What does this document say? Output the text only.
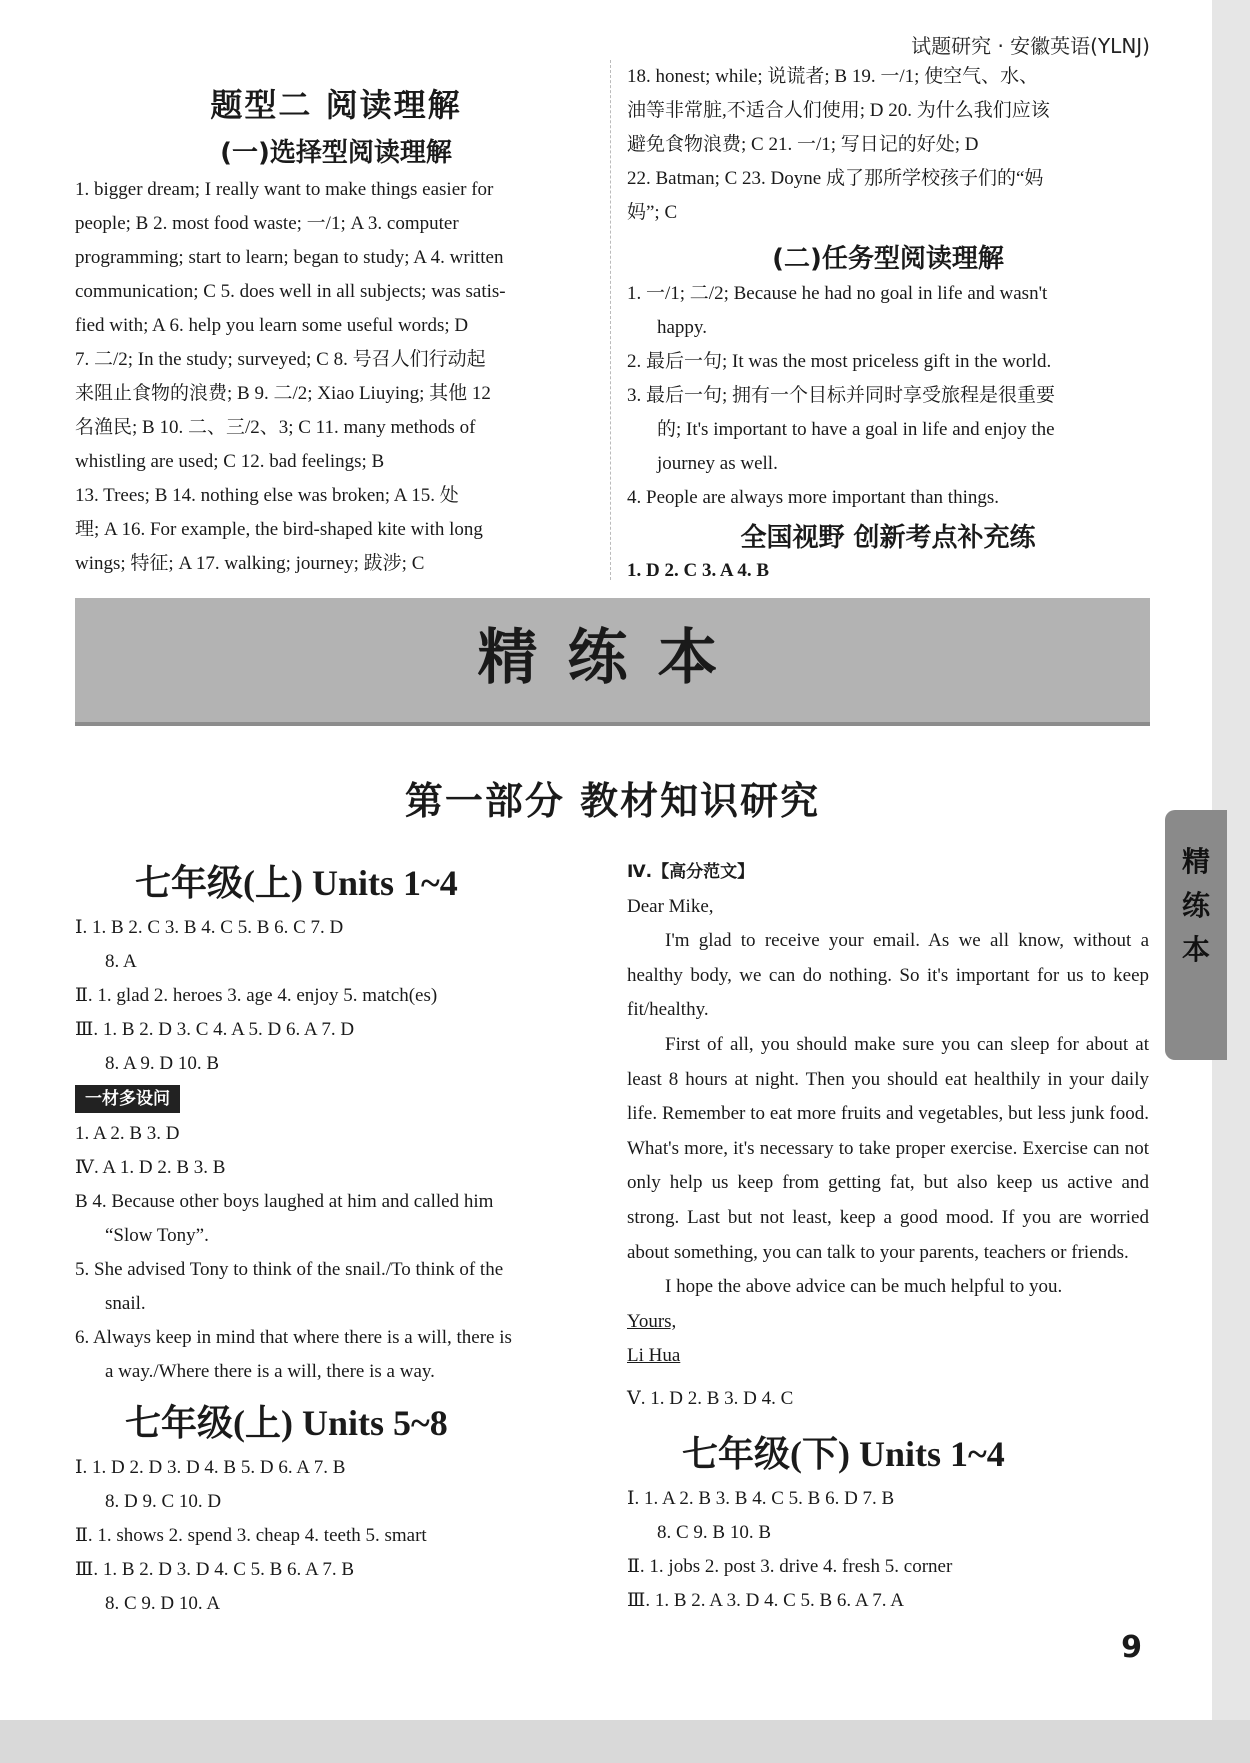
试题研究 · 安徽英语(YLNJ)
题型二 阅读理解
(一)选择型阅读理解
1. bigger dream; I really want to make things easier for
people; B 2. most food waste; 一/1; A 3. computer
programming; start to learn; began to study; A 4. written
communication; C 5. does well in all subjects; was satis-
fied with; A 6. help you learn some useful words; D
7. 二/2; In the study; surveyed; C 8. 号召人们行动起
来阻止食物的浪费; B 9. 二/2; Xiao Liuying; 其他 12
名渔民; B 10. 二、三/2、3; C 11. many methods of
whistling are used; C 12. bad feelings; B
13. Trees; B 14. nothing else was broken; A 15. 处
理; A 16. For example, the bird-shaped kite with long
wings; 特征; A 17. walking; journey; 跋涉; C
18. honest; while; 说谎者; B 19. 一/1; 使空气、水、
油等非常脏,不适合人们使用; D 20. 为什么我们应该
避免食物浪费; C 21. 一/1; 写日记的好处; D
22. Batman; C 23. Doyne 成了那所学校孩子们的“妈
妈”; C
(二)任务型阅读理解
1. 一/1; 二/2; Because he had no goal in life and wasn't
happy.
2. 最后一句; It was the most priceless gift in the world.
3. 最后一句; 拥有一个目标并同时享受旅程是很重要
的; It's important to have a goal in life and enjoy the
journey as well.
4. People are always more important than things.
全国视野 创新考点补充练
1. D 2. C 3. A 4. B
精练本
第一部分 教材知识研究
精
练
本
七年级(上) Units 1~4
Ⅰ. 1. B 2. C 3. B 4. C 5. B 6. C 7. D
8. A
Ⅱ. 1. glad 2. heroes 3. age 4. enjoy 5. match(es)
Ⅲ. 1. B 2. D 3. C 4. A 5. D 6. A 7. D
8. A 9. D 10. B
一材多设问
1. A 2. B 3. D
Ⅳ. A 1. D 2. B 3. B
B 4. Because other boys laughed at him and called him
“Slow Tony”.
5. She advised Tony to think of the snail./To think of the
snail.
6. Always keep in mind that where there is a will, there is
a way./Where there is a will, there is a way.
七年级(上) Units 5~8
Ⅰ. 1. D 2. D 3. D 4. B 5. D 6. A 7. B
8. D 9. C 10. D
Ⅱ. 1. shows 2. spend 3. cheap 4. teeth 5. smart
Ⅲ. 1. B 2. D 3. D 4. C 5. B 6. A 7. B
8. C 9. D 10. A

Ⅳ.【高分范文】

Dear Mike,

I'm glad to receive your email. As we all know, without a healthy body, we can do nothing. So it's important for us to keep fit/healthy.

First of all, you should make sure you can sleep for about at least 8 hours at night. Then you should eat healthily in your daily life. Remember to eat more fruits and vegetables, but less junk food. What's more, it's necessary to take proper exercise. Exercise can not only help us keep from getting fat, but also keep us active and strong. Last but not least, keep a good mood. If you are worried about something, you can talk to your parents, teachers or friends.

I hope the above advice can be much helpful to you.

Yours,

Li Hua

Ⅴ. 1. D 2. B 3. D 4. C
七年级(下) Units 1~4
Ⅰ. 1. A 2. B 3. B 4. C 5. B 6. D 7. B
8. C 9. B 10. B
Ⅱ. 1. jobs 2. post 3. drive 4. fresh 5. corner
Ⅲ. 1. B 2. A 3. D 4. C 5. B 6. A 7. A
9
